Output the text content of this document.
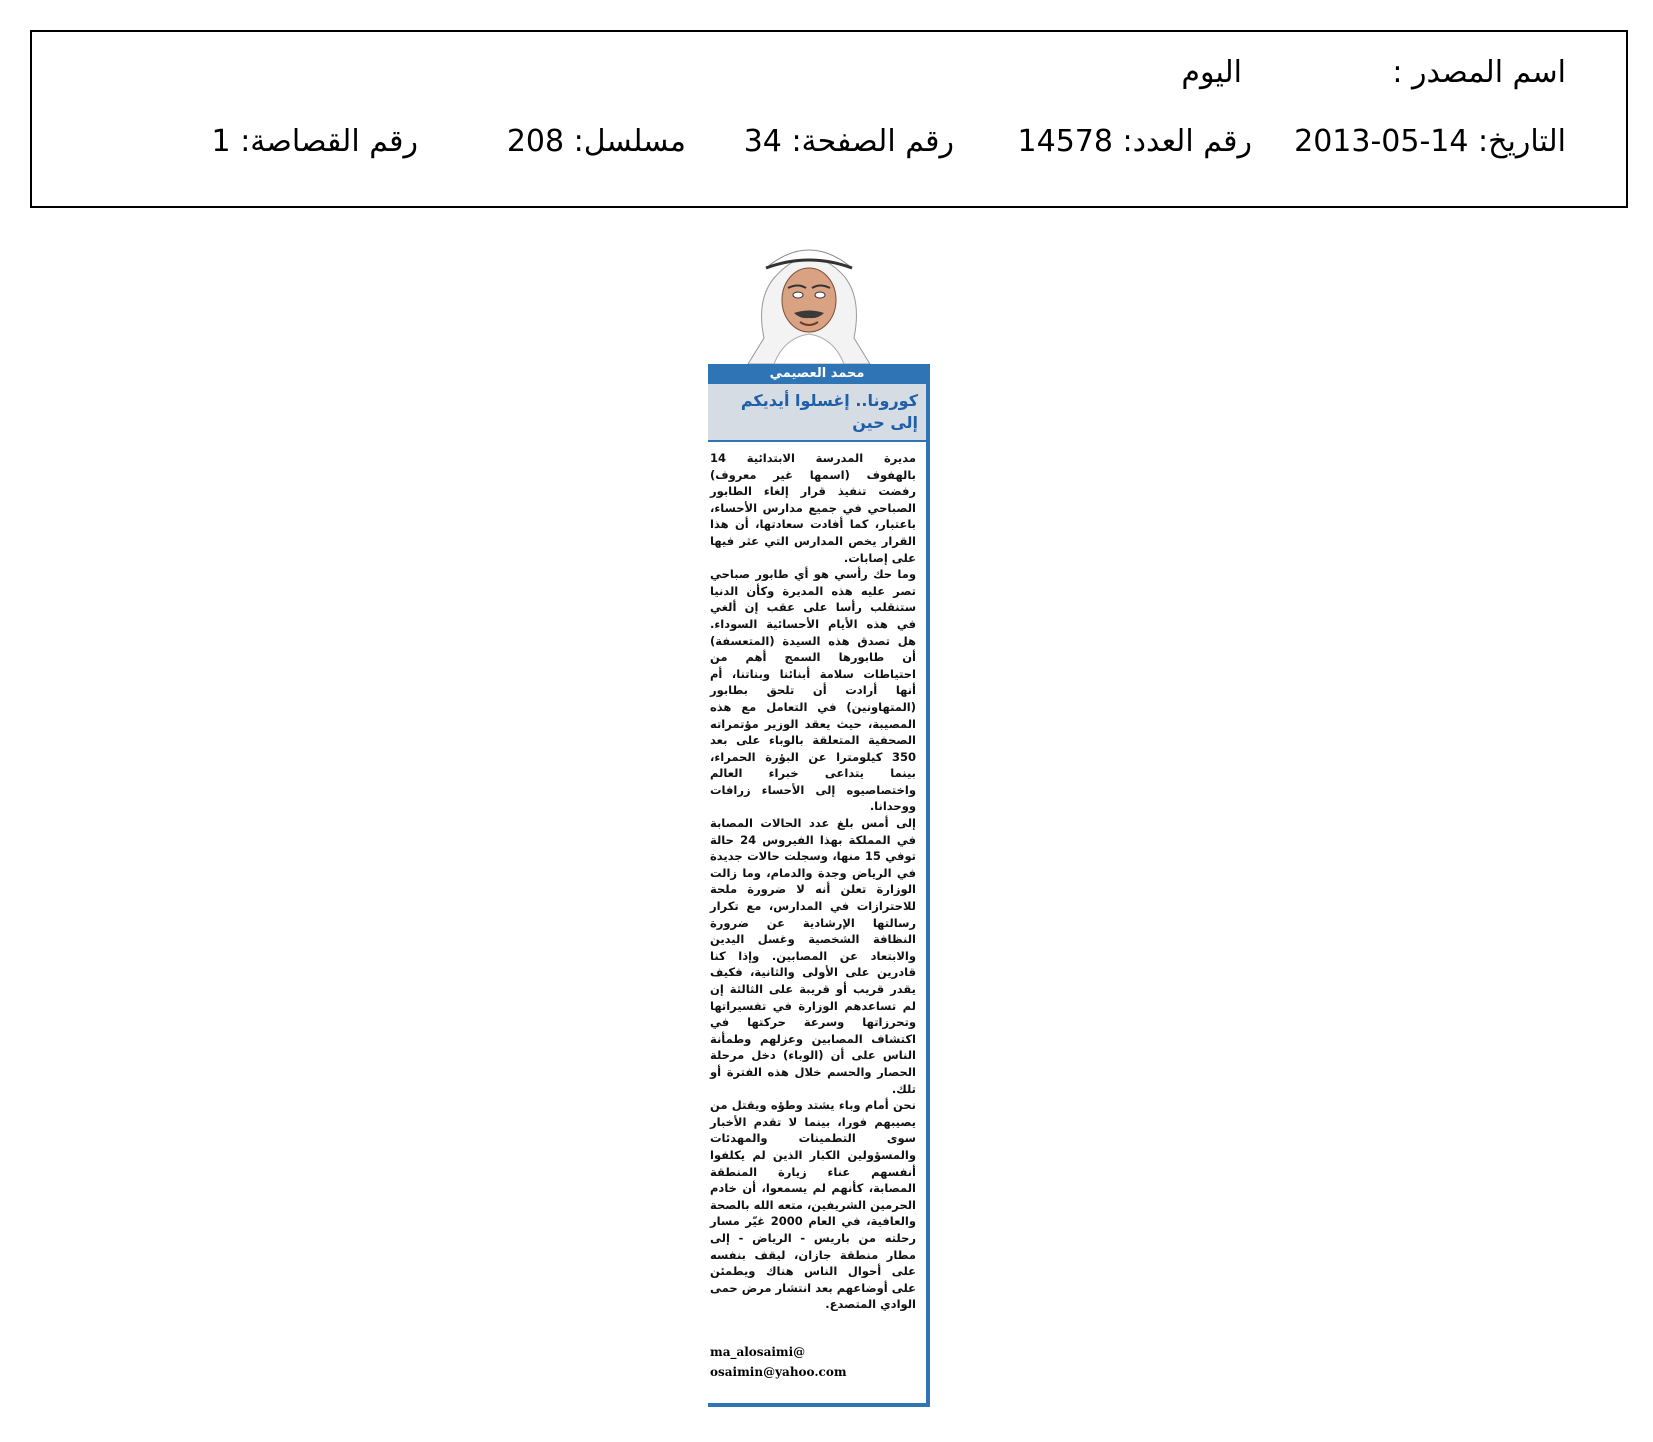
اسم المصدر :
اليوم
التاريخ: 2013-05-14
رقم العدد: 14578
رقم الصفحة: 34
مسلسل: 208
رقم القصاصة: 1
محمد العصيمي
كورونا.. إغسلوا أيديكم إلى حين

مديرة المدرسة الابتدائية 14 بالهفوف (اسمها غير معروف) رفضت تنفيذ قرار إلغاء الطابور الصباحي في جميع مدارس الأحساء، باعتبار، كما أفادت سعادتها، أن هذا القرار يخص المدارس التي عثر فيها على إصابات.

وما حك رأسي هو أي طابور صباحي تصر عليه هذه المديرة وكأن الدنيا ستنقلب رأسا على عقب إن ألغي في هذه الأيام الأحسائية السوداء. هل تصدق هذه السيدة (المتعسفة) أن طابورها السمج أهم من احتياطات سلامة أبنائنا وبناتنا، أم أنها أرادت أن تلحق بطابور (المتهاونين) في التعامل مع هذه المصيبة، حيث يعقد الوزير مؤتمراته الصحفية المتعلقة بالوباء على بعد 350 كيلومترا عن البؤرة الحمراء، بينما يتداعى خبراء العالم واختصاصيوه إلى الأحساء زرافات ووحدانا.

إلى أمس بلغ عدد الحالات المصابة في المملكة بهذا الفيروس 24 حالة توفي 15 منها، وسجلت حالات جديدة في الرياض وجدة والدمام، وما زالت الوزارة تعلن أنه لا ضرورة ملحة للاحترازات في المدارس، مع تكرار رسالتها الإرشادية عن ضرورة النظافة الشخصية وغسل اليدين والابتعاد عن المصابين. وإذا كنا قادرين على الأولى والثانية، فكيف يقدر قريب أو قريبة على الثالثة إن لم تساعدهم الوزارة في تفسيراتها وتحرزاتها وسرعة حركتها في اكتشاف المصابين وعزلهم وطمأنة الناس على أن (الوباء) دخل مرحلة الحصار والحسم خلال هذه الفترة أو تلك.

نحن أمام وباء يشتد وطؤه ويقتل من يصيبهم فورا، بينما لا تقدم الأخبار سوى التطمينات والمهدئات والمسؤولين الكبار الذين لم يكلفوا أنفسهم عناء زيارة المنطقة المصابة، كأنهم لم يسمعوا، أن خادم الحرمين الشريفين، متعه الله بالصحة والعافية، في العام 2000 غيّر مسار رحلته من باريس - الرياض - إلى مطار منطقة جازان، ليقف بنفسه على أحوال الناس هناك ويطمئن على أوضاعهم بعد انتشار مرض حمى الوادي المتصدع.

ma_alosaimi@
osaimin@yahoo.com
